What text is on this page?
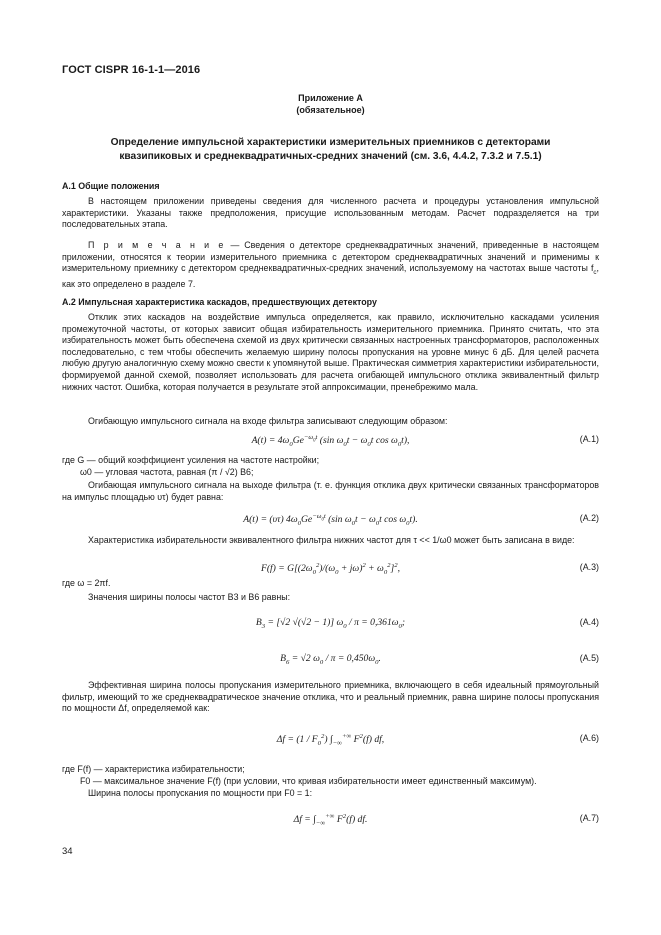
ГОСТ CISPR 16-1-1—2016
Приложение А
(обязательное)
Определение импульсной характеристики измерительных приемников с детекторами
квазипиковых и среднеквадратичных-средних значений (см. 3.6, 4.4.2, 7.3.2 и 7.5.1)
А.1 Общие положения

В настоящем приложении приведены сведения для численного расчета и процедуры установления импульсной характеристики. Указаны также предположения, присущие использованным методам. Расчет подразделяется на три последовательных этапа.

П р и м е ч а н и е — Сведения о детекторе среднеквадратичных значений, приведенные в настоящем приложении, относятся к теории измерительного приемника с детектором среднеквадратичных значений и применимы к измерительному приемнику с детектором среднеквадратичных-средних значений, используемому на частотах выше частоты $f_c$, как это определено в разделе 7.

А.2 Импульсная характеристика каскадов, предшествующих детектору

Отклик этих каскадов на воздействие импульса определяется, как правило, исключительно каскадами усиления промежуточной частоты, от которых зависит общая избирательность измерительного приемника. Принято считать, что эта избирательность может быть обеспечена схемой из двух критически связанных настроенных трансформаторов, расположенных последовательно, с тем чтобы обеспечить желаемую ширину полосы пропускания на уровне минус 6 дБ. Для целей расчета любую другую аналогичную схему можно свести к упомянутой выше. Практическая симметрия характеристики избирательности, формируемой данной схемой, позволяет использовать для расчета огибающей импульсного отклика эквивалентный фильтр нижних частот. Ошибка, которая получается в результате этой аппроксимации, пренебрежимо мала.

Огибающую импульсного сигнала на входе фильтра записывают следующим образом:

$A(t) = 4\omega_0Ge^{-\omega_0t}$ (sin $\omega_0t - \omega_0t$ $\cos \omega_0t$),	(А.1)

где G — общий коэффициент усиления на частоте настройки;

ω0 — угловая частота, равная (π / √2) B6;

Огибающая импульсного сигнала на выходе фильтра (т. е. функция отклика двух критически связанных трансформаторов на импульс площадью υτ) будет равна:

A(t) = (υτ) $4\omega_0Ge^{-\omega_0t}$ (sin $\omega_0t - \omega_0t$ $\cos \omega_0t$).	(А.2)

Характеристика избирательности эквивалентного фильтра нижних частот для τ << 1/ω0 может быть записана в виде:

$F(f) = G[(2\omega_0^2)/(\omega_0 + j\omega)^2 + \omega_0^2]^2$,	(А.3)

где ω = 2πf.

Значения ширины полосы частот B3 и B6 равны:

$B_3 = [√2$ √(√2 − 1)] $\omega_0 / \pi = 0,361\omega_0$;	(А.4)
$B_6 = √2$ $\omega_0 / \pi = 0,450\omega_0$.	(А.5)

Эффективная ширина полосы пропускания измерительного приемника, включающего в себя идеальный прямоугольный фильтр, имеющий то же среднеквадратическое значение отклика, что и реальный приемник, равна ширине полосы пропускания по мощности Δf, определяемой как:

$\Delta f = (1 / F_0^2)$ $\int_{-\infty}^{+\infty}$ $F^2(f)$ df,	(А.6)

где F(f) — характеристика избирательности;

F0 — максимальное значение F(f) (при условии, что кривая избирательности имеет единственный максимум).

Ширина полосы пропускания по мощности при F0 = 1:

$\Delta f = \int_{-\infty}^{+\infty}$ $F^2(f)$ df.	(А.7)
34
